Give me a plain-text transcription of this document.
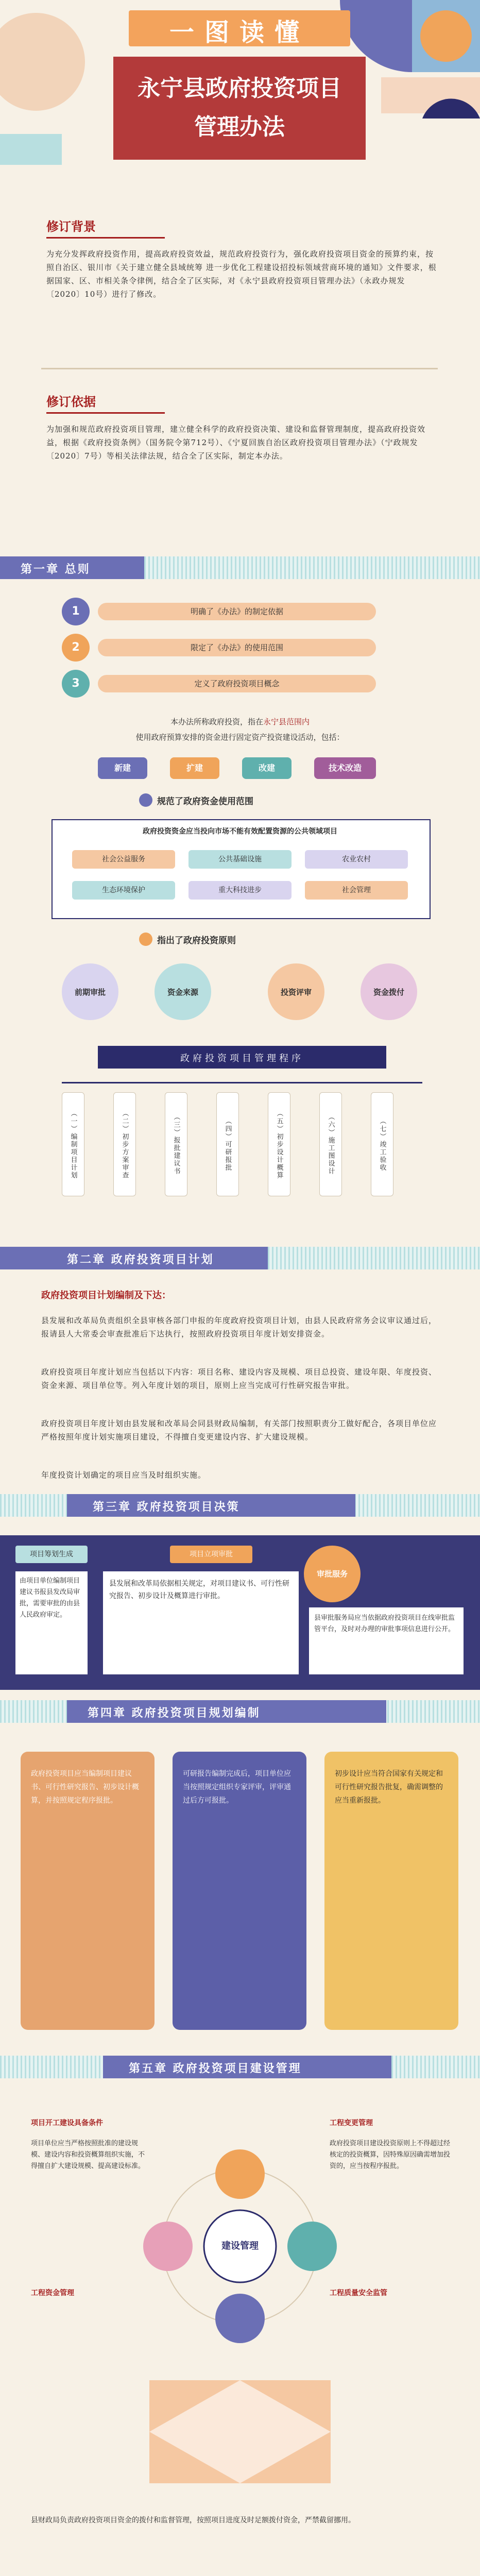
一图读懂
永宁县政府投资项目
管理办法
修订背景
为充分发挥政府投资作用，提高政府投资效益，规范政府投资行为，强化政府投资项目资金的预算约束，按照自治区、银川市《关于建立健全县域统筹 进一步优化工程建设招投标领域营商环境的通知》文件要求，根据国家、区、市相关条令律例，结合全了区实际，对《永宁县政府投资项目管理办法》（永政办规发〔2020〕10号）进行了修改。
修订依据
为加强和规范政府投资项目管理，建立健全科学的政府投资决策、建设和监督管理制度，提高政府投资效益，根据《政府投资条例》（国务院令第712号）、《宁夏回族自治区政府投资项目管理办法》（宁政规发〔2020〕7号）等相关法律法规，结合全了区实际，制定本办法。
第一章 总则
1	明确了《办法》的制定依据
2	限定了《办法》的使用范围
3	定义了政府投资项目概念
本办法所称政府投资，指在永宁县范围内
使用政府预算安排的资金进行固定资产投资建设活动，包括：
新建	扩建	改建	技术改造
规范了政府资金使用范围
政府投资资金应当投向市场不能有效配置资源的公共领域项目
社会公益服务	公共基础设施	农业农村
生态环境保护	重大科技进步	社会管理
指出了政府投资原则
前期审批	资金来源	投资评审	资金拨付
政府投资项目管理程序
（一）编制项目计划	（二）初步方案审查	（三）报批建议书	（四）可研报批	（五）初步设计概算	（六）施工图设计	（七）竣工验收
第二章 政府投资项目计划
政府投资项目计划编制及下达：
县发展和改革局负责组织全县审核各部门申报的年度政府投资项目计划，由县人民政府常务会议审议通过后，报请县人大常委会审查批准后下达执行，按照政府投资项目年度计划安排资金。
政府投资项目年度计划应当包括以下内容：项目名称、建设内容及规模、项目总投资、建设年限、年度投资、资金来源、项目单位等。列入年度计划的项目，原则上应当完成可行性研究报告审批。
政府投资项目年度计划由县发展和改革局会同县财政局编制，有关部门按照职责分工做好配合，各项目单位应严格按照年度计划实施项目建设，不得擅自变更建设内容、扩大建设规模。
年度投资计划确定的项目应当及时组织实施。
第三章 政府投资项目决策
项目筹划生成	项目立项审批
由项目单位编制项目建议书报县发改局审批，需要审批的由县人民政府审定。
县发展和改革局依据相关规定，对项目建议书、可行性研究报告、初步设计及概算进行审批。
审批服务
县审批服务局应当依据政府投资项目在线审批监管平台，及时对办理的审批事项信息进行公开。
第四章 政府投资项目规划编制
政府投资项目应当编制项目建议书、可行性研究报告、初步设计概算，并按照规定程序报批。
可研报告编制完成后，项目单位应当按照规定组织专家评审，评审通过后方可报批。
初步设计应当符合国家有关规定和可行性研究报告批复，确需调整的应当重新报批。
第五章 政府投资项目建设管理
建设管理
项目开工建设具备条件	工程变更管理
工程资金管理	工程质量安全监管
项目单位应当严格按照批准的建设规模、建设内容和投资概算组织实施，不得擅自扩大建设规模、提高建设标准。
政府投资项目建设投资原则上不得超过经核定的投资概算，因特殊原因确需增加投资的，应当按程序报批。
县财政局负责政府投资项目资金的拨付和监督管理，按照项目进度及时足额拨付资金，严禁截留挪用。
